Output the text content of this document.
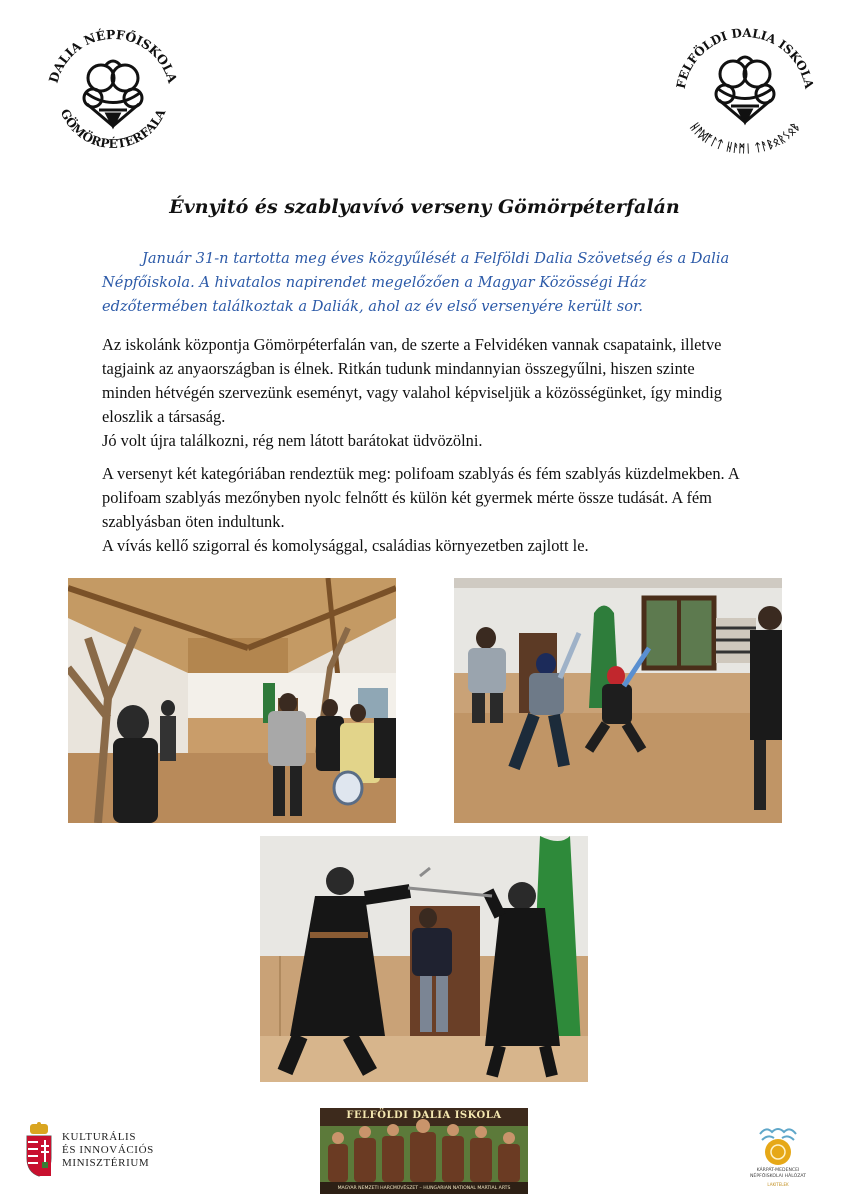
DALIA NÉPFŐISKOLA
GÖMÖRPÉTERFALA
FELFÖLDI DALIA ISKOLA
ᚺᚨᛞᚩᛚᛏ ᚺᚨᛗᛁ ᛏᚨᛒᛟᚱᛊᛟᛒ
Évnyitó és szablyavívó verseny Gömörpéterfalán
Január 31-n tartotta meg éves közgyűlését a Felföldi Dalia Szövetség és a Dalia Népfőiskola. A hivatalos napirendet megelőzően a Magyar Közösségi Ház edzőtermében találkoztak a Daliák, ahol az év első versenyére került sor.

Az iskolánk központja Gömörpéterfalán van, de szerte a Felvidéken vannak csapataink, illetve tagjaink az anyaországban is élnek. Ritkán tudunk mindannyian összegyűlni, hiszen szinte minden hétvégén szervezünk eseményt, vagy valahol képviseljük a közösségünket, így mindig eloszlik a társaság.

Jó volt újra találkozni, rég nem látott barátokat üdvözölni.

A versenyt két kategóriában rendeztük meg: polifoam szablyás és fém szablyás küzdelmekben. A polifoam szablyás mezőnyben nyolc felnőtt és külön két gyermek mérte össze tudását. A fém szablyásban öten indultunk.

A vívás kellő szigorral és komolysággal, családias környezetben zajlott le.

KULTURÁLIS
ÉS INNOVÁCIÓS
MINISZTÉRIUM
FELFÖLDI DALIA ISKOLA
MAGYAR NEMZETI HARCMŰVÉSZET – HUNGARIAN NATIONAL MARTIAL ARTS
KÁRPÁT-MEDENCEI
NÉPFŐISKOLAI HÁLÓZAT
LAKITELEK
